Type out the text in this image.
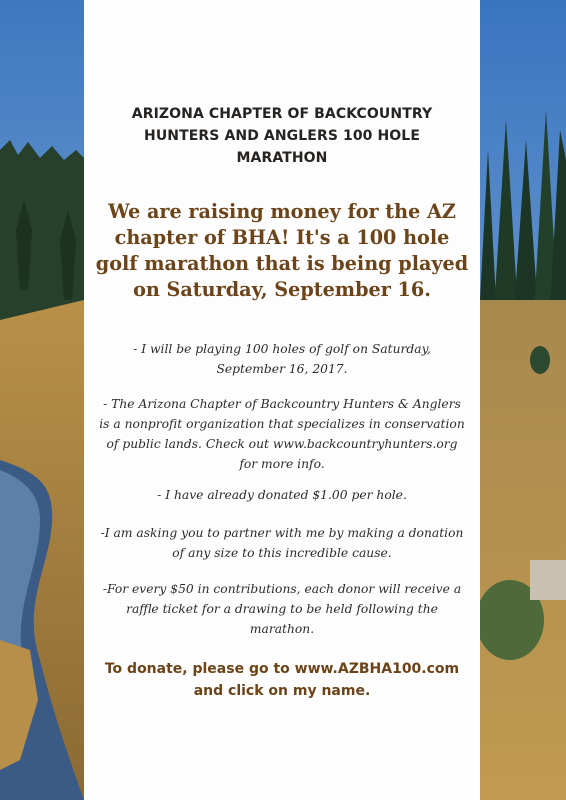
ARIZONA CHAPTER OF BACKCOUNTRY HUNTERS AND ANGLERS 100 HOLE MARATHON
We are raising money for the AZ chapter of BHA! It's a 100 hole golf marathon that is being played on Saturday, September 16.
- I will be playing 100 holes of golf on Saturday, September 16, 2017.
- The Arizona Chapter of Backcountry Hunters & Anglers is a nonprofit organization that specializes in conservation of public lands. Check out www.backcountryhunters.org for more info.
- I have already donated $1.00 per hole.
-I am asking you to partner with me by making a donation of any size to this incredible cause.
-For every $50 in contributions, each donor will receive a raffle ticket for a drawing to be held following the marathon.
To donate, please go to www.AZBHA100.com and click on my name.
